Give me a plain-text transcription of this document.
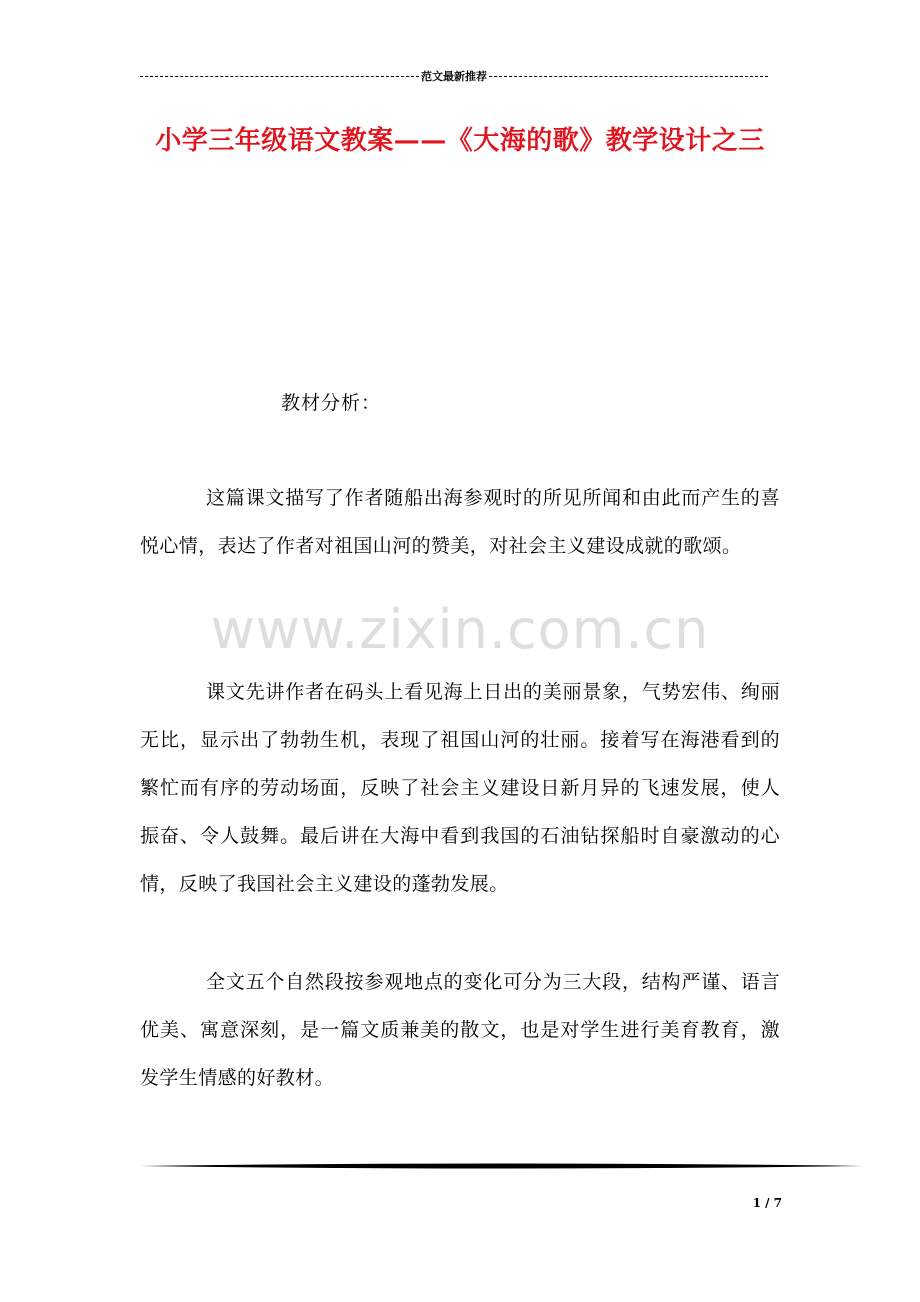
范文最新推荐
小学三年级语文教案——《大海的歌》教学设计之三
教材分析：
这篇课文描写了作者随船出海参观时的所见所闻和由此而产生的喜悦心情，表达了作者对祖国山河的赞美，对社会主义建设成就的歌颂。
www.zixin.com.cn
课文先讲作者在码头上看见海上日出的美丽景象，气势宏伟、绚丽无比，显示出了勃勃生机，表现了祖国山河的壮丽。接着写在海港看到的繁忙而有序的劳动场面，反映了社会主义建设日新月异的飞速发展，使人振奋、令人鼓舞。最后讲在大海中看到我国的石油钻探船时自豪激动的心情，反映了我国社会主义建设的蓬勃发展。
全文五个自然段按参观地点的变化可分为三大段，结构严谨、语言优美、寓意深刻，是一篇文质兼美的散文，也是对学生进行美育教育，激发学生情感的好教材。
1 / 7
